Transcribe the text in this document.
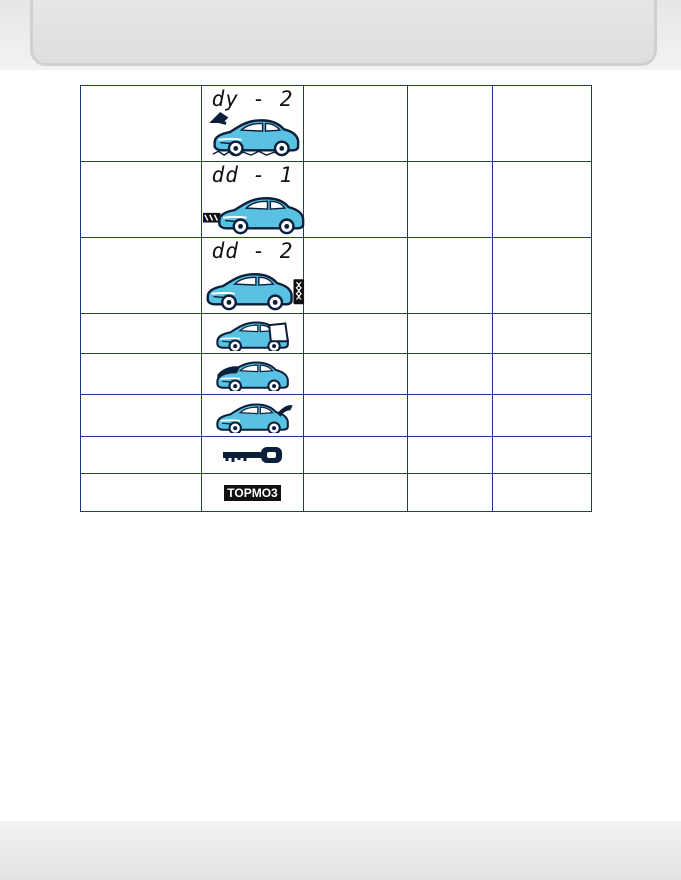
	dy - 2			

	dd - 1			

	dd - 2			

	TOPMO3			
